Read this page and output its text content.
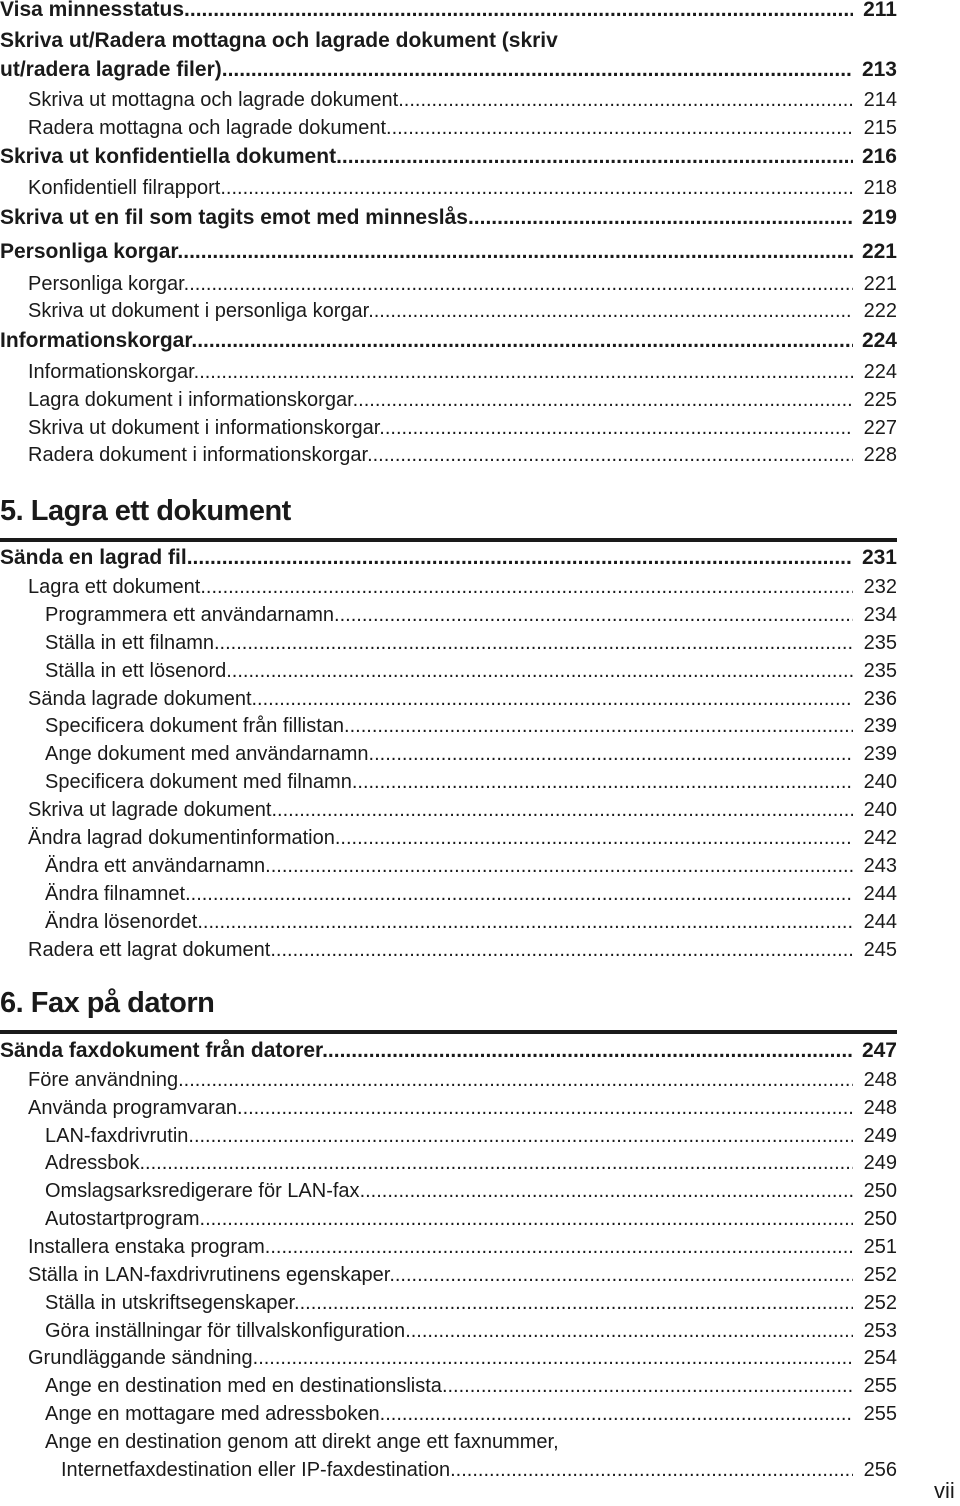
Visa minnesstatus .....	211
Skriva ut/Radera mottagna och lagrade dokument (skriv
ut/radera lagrade filer) .....	213
Skriva ut mottagna och lagrade dokument .....	214
Radera mottagna och lagrade dokument .....	215
Skriva ut konfidentiella dokument .....	216
Konfidentiell filrapport .....	218
Skriva ut en fil som tagits emot med minneslås .....	219
Personliga korgar .....	221
Personliga korgar .....	221
Skriva ut dokument i personliga korgar .....	222
Informationskorgar .....	224
Informationskorgar .....	224
Lagra dokument i informationskorgar .....	225
Skriva ut dokument i informationskorgar .....	227
Radera dokument i informationskorgar .....	228
5. Lagra ett dokument
Sända en lagrad fil .....	231
Lagra ett dokument .....	232
Programmera ett användarnamn .....	234
Ställa in ett filnamn .....	235
Ställa in ett lösenord .....	235
Sända lagrade dokument .....	236
Specificera dokument från fillistan .....	239
Ange dokument med användarnamn .....	239
Specificera dokument med filnamn .....	240
Skriva ut lagrade dokument .....	240
Ändra lagrad dokumentinformation .....	242
Ändra ett användarnamn .....	243
Ändra filnamnet .....	244
Ändra lösenordet .....	244
Radera ett lagrat dokument .....	245
6. Fax på datorn
Sända faxdokument från datorer .....	247
Före användning .....	248
Använda programvaran .....	248
LAN-faxdrivrutin .....	249
Adressbok .....	249
Omslagsarksredigerare för LAN-fax .....	250
Autostartprogram .....	250
Installera enstaka program .....	251
Ställa in LAN-faxdrivrutinens egenskaper .....	252
Ställa in utskriftsegenskaper .....	252
Göra inställningar för tillvalskonfiguration .....	253
Grundläggande sändning .....	254
Ange en destination med en destinationslista .....	255
Ange en mottagare med adressboken .....	255
Ange en destination genom att direkt ange ett faxnummer,
Internetfaxdestination eller IP-faxdestination .....	256
vii
